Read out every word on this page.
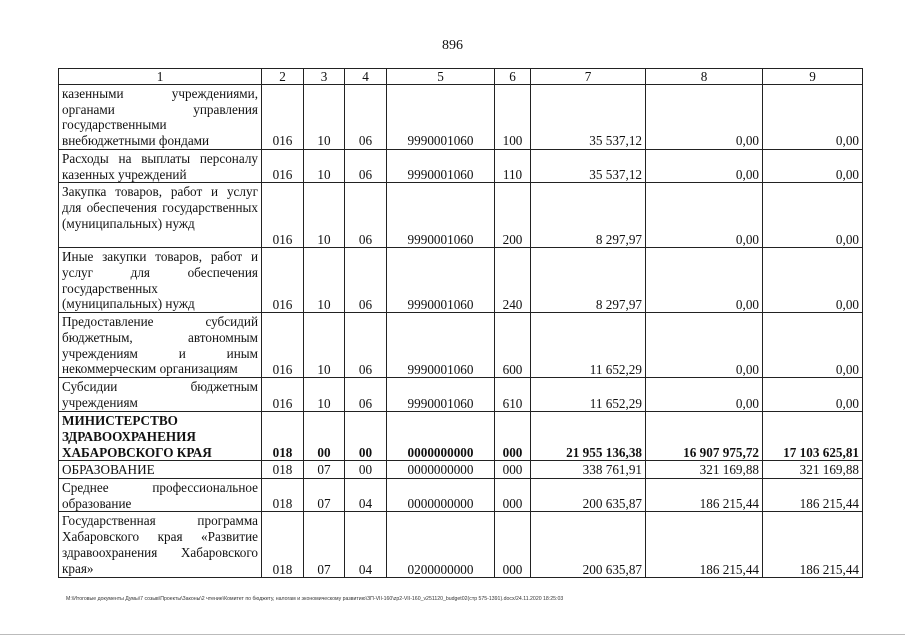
896
1	2	3	4	5	6	7	8	9
казенными учреждениями, органами управления государственными внебюджетными фондами	016	10	06	9990001060	100	35 537,12	0,00	0,00
Расходы на выплаты персоналу казенных учреждений	016	10	06	9990001060	110	35 537,12	0,00	0,00
Закупка товаров, работ и услуг для обеспечения государственных (муниципальных) нужд	016	10	06	9990001060	200	8 297,97	0,00	0,00
Иные закупки товаров, работ и услуг для обеспечения государственных (муниципальных) нужд	016	10	06	9990001060	240	8 297,97	0,00	0,00
Предоставление субсидий бюджетным, автономным учреждениям и иным некоммерческим организациям	016	10	06	9990001060	600	11 652,29	0,00	0,00
Субсидии бюджетным учреждениям	016	10	06	9990001060	610	11 652,29	0,00	0,00
МИНИСТЕРСТВО ЗДРАВООХРАНЕНИЯ ХАБАРОВСКОГО КРАЯ	018	00	00	0000000000	000	21 955 136,38	16 907 975,72	17 103 625,81
ОБРАЗОВАНИЕ	018	07	00	0000000000	000	338 761,91	321 169,88	321 169,88
Среднее профессиональное образование	018	07	04	0000000000	000	200 635,87	186 215,44	186 215,44
Государственная программа Хабаровского края «Развитие здравоохранения Хабаровского края»	018	07	04	0200000000	000	200 635,87	186 215,44	186 215,44
M:\Итоговые документы Думы\7 созыв\Проекты\Законы\2 чтение\Комитет по бюджету, налогам и экономическому развитию\ЗП-VII-160\zp2-VII-160_v251120_budget02(стр 575-1391).docx/24.11.2020 18:25:03
